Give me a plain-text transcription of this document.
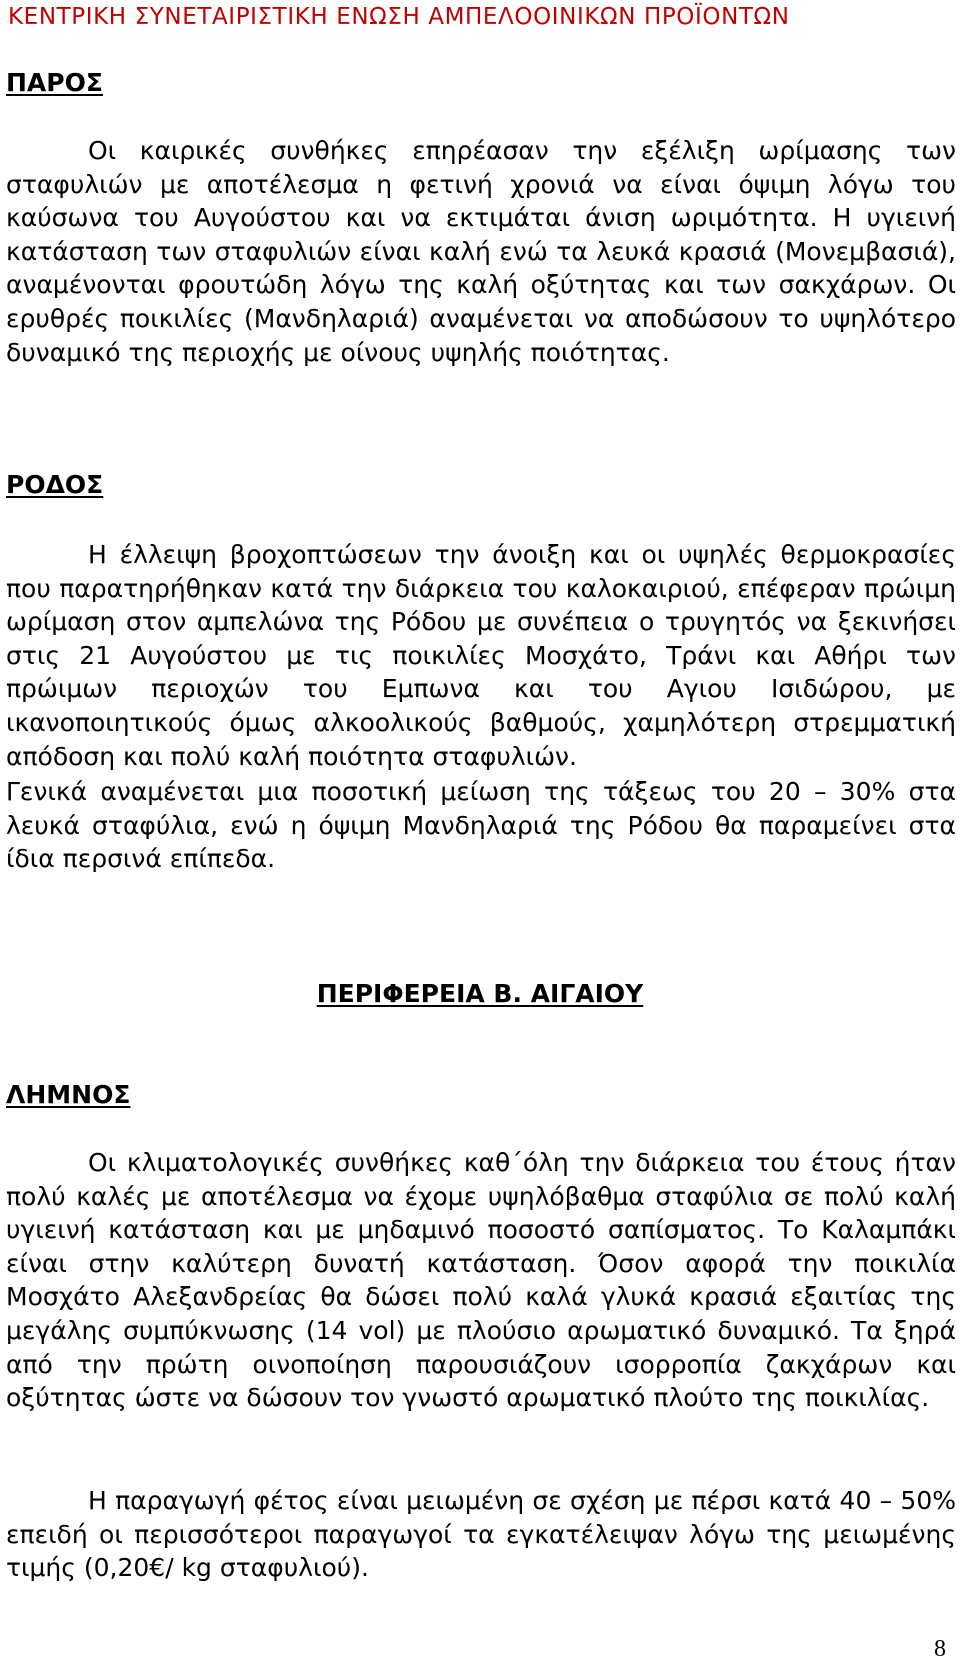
ΚΕΝΤΡΙΚΗ ΣΥΝΕΤΑΙΡΙΣΤΙΚΗ ΕΝΩΣΗ ΑΜΠΕΛΟΟΙΝΙΚΩΝ ΠΡΟΪΟΝΤΩΝ
ΠΑΡΟΣ

Οι καιρικές συνθήκες επηρέασαν την εξέλιξη ωρίμασης των σταφυλιών με αποτέλεσμα η φετινή χρονιά να είναι όψιμη λόγω του καύσωνα του Αυγούστου και να εκτιμάται άνιση ωριμότητα. Η υγιεινή κατάσταση των σταφυλιών είναι καλή ενώ τα λευκά κρασιά (Μονεμβασιά), αναμένονται φρουτώδη λόγω της καλή οξύτητας και των σακχάρων. Οι ερυθρές ποικιλίες (Μανδηλαριά) αναμένεται να αποδώσουν το υψηλότερο δυναμικό της περιοχής με οίνους υψηλής ποιότητας.

ΡΟΔΟΣ

Η έλλειψη βροχοπτώσεων την άνοιξη και οι υψηλές θερμοκρασίες που παρατηρήθηκαν κατά την διάρκεια του καλοκαιριού, επέφεραν πρώιμη ωρίμαση στον αμπελώνα της Ρόδου με συνέπεια ο τρυγητός να ξεκινήσει στις 21 Αυγούστου με τις ποικιλίες Μοσχάτο, Τράνι και Αθήρι των πρώιμων περιοχών του Εμπωνα και του Αγιου Ισιδώρου, με ικανοποιητικούς όμως αλκοολικούς βαθμούς, χαμηλότερη στρεμματική απόδοση και πολύ καλή ποιότητα σταφυλιών.

Γενικά αναμένεται μια ποσοτική μείωση της τάξεως του 20 – 30% στα λευκά σταφύλια, ενώ η όψιμη Μανδηλαριά της Ρόδου θα παραμείνει στα ίδια περσινά επίπεδα.

ΠΕΡΙΦΕΡΕΙΑ Β. ΑΙΓΑΙΟΥ
ΛΗΜΝΟΣ

Οι κλιματολογικές συνθήκες καθ΄όλη την διάρκεια του έτους ήταν πολύ καλές με αποτέλεσμα να έχομε υψηλόβαθμα σταφύλια σε πολύ καλή υγιεινή κατάσταση και με μηδαμινό ποσοστό σαπίσματος. Το Καλαμπάκι είναι στην καλύτερη δυνατή κατάσταση. Όσον αφορά την ποικιλία Μοσχάτο Αλεξανδρείας θα δώσει πολύ καλά γλυκά κρασιά εξαιτίας της μεγάλης συμπύκνωσης (14 vol) με πλούσιο αρωματικό δυναμικό. Τα ξηρά από την πρώτη οινοποίηση παρουσιάζουν ισορροπία ζακχάρων και οξύτητας ώστε να δώσουν τον γνωστό αρωματικό πλούτο της ποικιλίας.

Η παραγωγή φέτος είναι μειωμένη σε σχέση με πέρσι κατά 40 – 50% επειδή οι περισσότεροι παραγωγοί τα εγκατέλειψαν λόγω της μειωμένης τιμής (0,20€/ kg σταφυλιού).

8
